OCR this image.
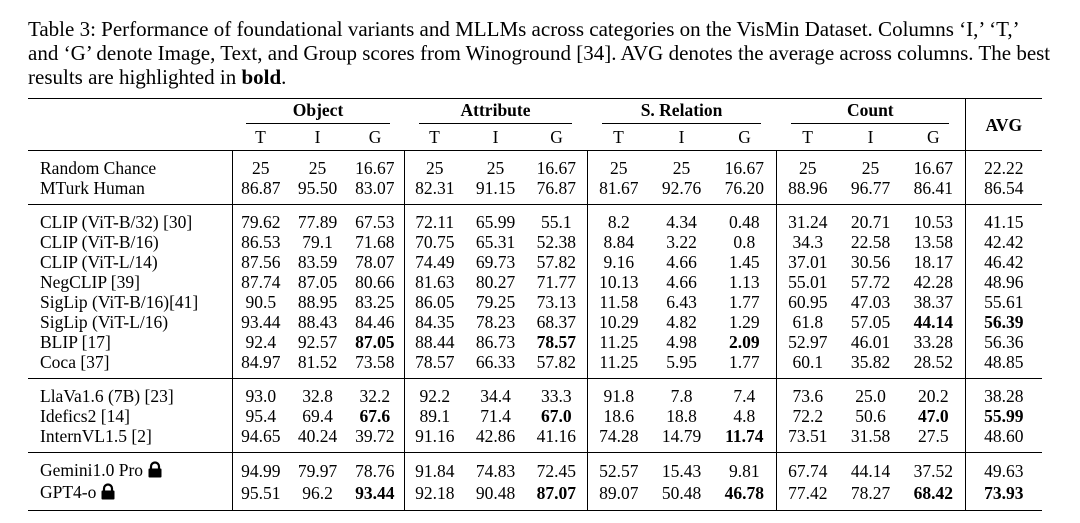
Table 3: Performance of foundational variants and MLLMs across categories on the VisMin Dataset. Columns ‘I,’ ‘T,’ and ‘G’ denote Image, Text, and Group scores from Winoground [34]. AVG denotes the average across columns. The best results are highlighted in bold.
	Object			Attribute			S. Relation			Count			AVG
	T	I	G	T	I	G	T	I	G	T	I	G	
Random Chance	25	25	16.67	25	25	16.67	25	25	16.67	25	25	16.67	22.22
MTurk Human	86.87	95.50	83.07	82.31	91.15	76.87	81.67	92.76	76.20	88.96	96.77	86.41	86.54
CLIP (ViT-B/32) [30]	79.62	77.89	67.53	72.11	65.99	55.1	8.2	4.34	0.48	31.24	20.71	10.53	41.15
CLIP (ViT-B/16)	86.53	79.1	71.68	70.75	65.31	52.38	8.84	3.22	0.8	34.3	22.58	13.58	42.42
CLIP (ViT-L/14)	87.56	83.59	78.07	74.49	69.73	57.82	9.16	4.66	1.45	37.01	30.56	18.17	46.42
NegCLIP [39]	87.74	87.05	80.66	81.63	80.27	71.77	10.13	4.66	1.13	55.01	57.72	42.28	48.96
SigLip (ViT-B/16)[41]	90.5	88.95	83.25	86.05	79.25	73.13	11.58	6.43	1.77	60.95	47.03	38.37	55.61
SigLip (ViT-L/16)	93.44	88.43	84.46	84.35	78.23	68.37	10.29	4.82	1.29	61.8	57.05	44.14	56.39
BLIP [17]	92.4	92.57	87.05	88.44	86.73	78.57	11.25	4.98	2.09	52.97	46.01	33.28	56.36
Coca [37]	84.97	81.52	73.58	78.57	66.33	57.82	11.25	5.95	1.77	60.1	35.82	28.52	48.85
LlaVa1.6 (7B) [23]	93.0	32.8	32.2	92.2	34.4	33.3	91.8	7.8	7.4	73.6	25.0	20.2	38.28
Idefics2 [14]	95.4	69.4	67.6	89.1	71.4	67.0	18.6	18.8	4.8	72.2	50.6	47.0	55.99
InternVL1.5 [2]	94.65	40.24	39.72	91.16	42.86	41.16	74.28	14.79	11.74	73.51	31.58	27.5	48.60
Gemini1.0 Pro	94.99	79.97	78.76	91.84	74.83	72.45	52.57	15.43	9.81	67.74	44.14	37.52	49.63
GPT4-o	95.51	96.2	93.44	92.18	90.48	87.07	89.07	50.48	46.78	77.42	78.27	68.42	73.93
